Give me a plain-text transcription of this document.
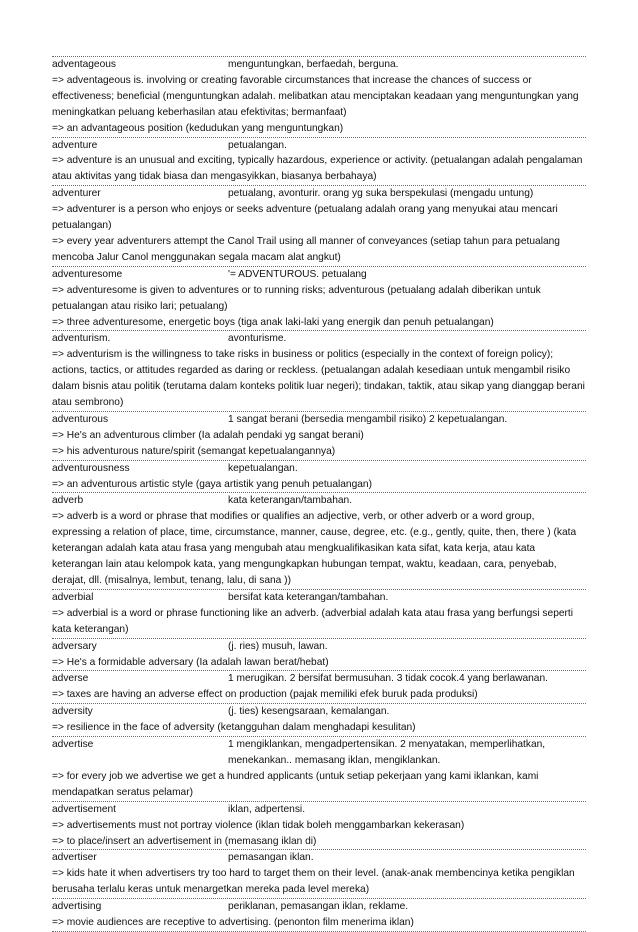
adventageous	menguntungkan, berfaedah, berguna.
=> adventageous is. involving or creating favorable circumstances that increase the chances of success or effectiveness; beneficial (menguntungkan adalah. melibatkan atau menciptakan keadaan yang menguntungkan yang meningkatkan peluang keberhasilan atau efektivitas; bermanfaat)
=> an advantageous position (kedudukan yang menguntungkan)
adventure	petualangan.
=> adventure is an unusual and exciting, typically hazardous, experience or activity. (petualangan adalah pengalaman atau aktivitas yang tidak biasa dan mengasyikkan, biasanya berbahaya)
adventurer	petualang, avonturir. orang yg suka berspekulasi (mengadu untung)
=> adventurer is a person who enjoys or seeks adventure (petualang adalah orang yang menyukai atau mencari petualangan)
=> every year adventurers attempt the Canol Trail using all manner of conveyances (setiap tahun para petualang mencoba Jalur Canol menggunakan segala macam alat angkut)
adventuresome	'= ADVENTUROUS. petualang
=> adventuresome is given to adventures or to running risks; adventurous (petualang adalah diberikan untuk petualangan atau risiko lari; petualang)
=> three adventuresome, energetic boys (tiga anak laki-laki yang energik dan penuh petualangan)
adventurism.	avonturisme.
=> adventurism is the willingness to take risks in business or politics (especially in the context of foreign policy); actions, tactics, or attitudes regarded as daring or reckless. (petualangan adalah kesediaan untuk mengambil risiko dalam bisnis atau politik (terutama dalam konteks politik luar negeri); tindakan, taktik, atau sikap yang dianggap berani atau sembrono)
adventurous	1 sangat berani (bersedia mengambil risiko) 2 kepetualangan.
=> He's an adventurous climber (Ia adalah pendaki yg sangat berani)
=> his adventurous nature/spirit (semangat kepetualangannya)
adventurousness	kepetualangan.
=> an adventurous artistic style (gaya artistik yang penuh petualangan)
adverb	kata keterangan/tambahan.
=> adverb is a word or phrase that modifies or qualifies an adjective, verb, or other adverb or a word group, expressing a relation of place, time, circumstance, manner, cause, degree, etc. (e.g., gently, quite, then, there ) (kata keterangan adalah kata atau frasa yang mengubah atau mengkualifikasikan kata sifat, kata kerja, atau kata keterangan lain atau kelompok kata, yang mengungkapkan hubungan tempat, waktu, keadaan, cara, penyebab, derajat, dll. (misalnya, lembut, tenang, lalu, di sana ))
adverbial	bersifat kata keterangan/tambahan.
=> adverbial is a word or phrase functioning like an adverb. (adverbial adalah kata atau frasa yang berfungsi seperti kata keterangan)
adversary	(j. ries) musuh, lawan.
=> He's a formidable adversary (Ia adalah lawan berat/hebat)
adverse	1 merugikan. 2 bersifat bermusuhan. 3 tidak cocok.4 yang berlawanan.
=> taxes are having an adverse effect on production (pajak memiliki efek buruk pada produksi)
adversity	(j. ties) kesengsaraan, kemalangan.
=> resilience in the face of adversity (ketangguhan dalam menghadapi kesulitan)
advertise	1 mengiklankan, mengadpertensikan. 2 menyatakan, memperlihatkan, menekankan.. memasang iklan, mengiklankan.
=> for every job we advertise we get a hundred applicants (untuk setiap pekerjaan yang kami iklankan, kami mendapatkan seratus pelamar)
advertisement	iklan, adpertensi.
=> advertisements must not portray violence (iklan tidak boleh menggambarkan kekerasan)
=> to place/insert an advertisement in (memasang iklan di)
advertiser	pemasangan iklan.
=> kids hate it when advertisers try too hard to target them on their level. (anak-anak membencinya ketika pengiklan berusaha terlalu keras untuk menargetkan mereka pada level mereka)
advertising	periklanan, pemasangan iklan, reklame.
=> movie audiences are receptive to advertising. (penonton film menerima iklan)
